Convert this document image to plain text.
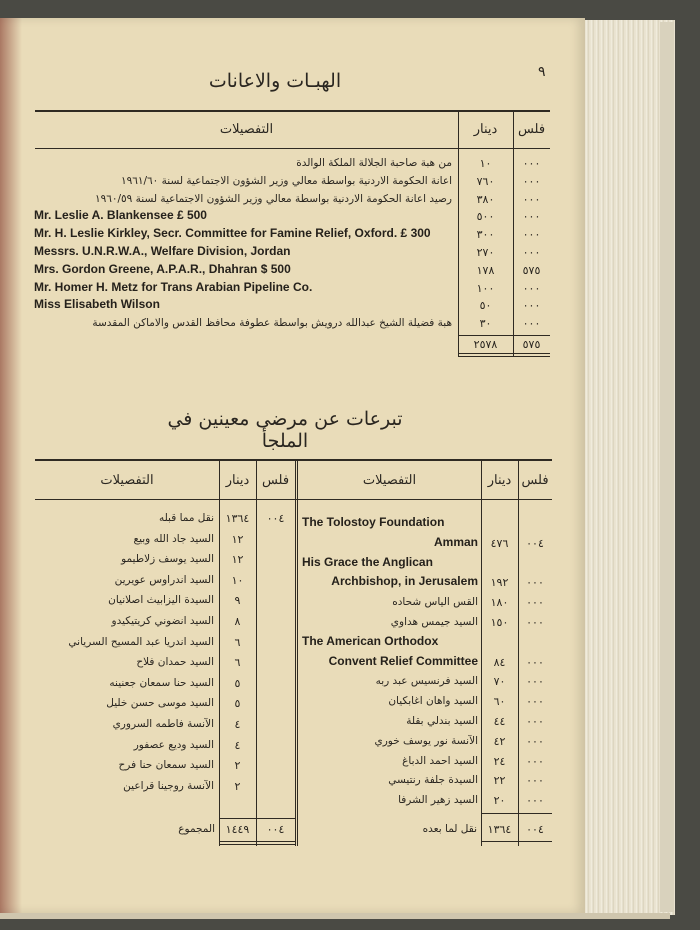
٩
الهبـات والاعانات
فلس
دينار
التفصيلات
٠٠٠
١٠
من هبة صاحبة الجلالة الملكة الوالدة
٠٠٠
٧٦٠
اعانة الحكومة الاردنية بواسطة معالي وزير الشؤون الاجتماعية لسنة ١٩٦١/٦٠
٠٠٠
٣٨٠
رصيد اعانة الحكومة الاردنية بواسطة معالي وزير الشؤون الاجتماعية لسنة ١٩٦٠/٥٩
٠٠٠
٥٠٠
Mr. Leslie A. Blankensee £ 500
٠٠٠
٣٠٠
Mr. H. Leslie Kirkley, Secr. Committee for Famine Relief, Oxford. £ 300
٠٠٠
٢٧٠
Messrs. U.N.R.W.A., Welfare Division, Jordan
٥٧٥
١٧٨
Mrs. Gordon Greene, A.P.A.R., Dhahran $ 500
٠٠٠
١٠٠
Mr. Homer H. Metz for Trans Arabian Pipeline Co.
٠٠٠
٥٠
Miss Elisabeth Wilson
٠٠٠
٣٠
هبة فضيلة الشيخ عبدالله درويش بواسطة عطوفة محافظ القدس والاماكن المقدسة
٥٧٥
٢٥٧٨
تبرعات عن مرضى معينين في الملجأ
فلس
دينار
التفصيلات
فلس
دينار
التفصيلات
٠٠٤
٤٧٦
The Tolostoy Foundation
Amman
٠٠٠
١٩٢
His Grace the Anglican
Archbishop, in Jerusalem
٠٠٠
١٨٠
القس الياس شحاده
٠٠٠
١٥٠
السيد جيمس هداوي
٠٠٠
٨٤
The American Orthodox
Convent Relief Committee
٠٠٠
٧٠
السيد فرنسيس عبد ربه
٠٠٠
٦٠
السيد واهان اغابكيان
٠٠٠
٤٤
السيد بندلي بقلة
٠٠٠
٤٢
الآنسة نور يوسف خوري
٠٠٠
٢٤
السيد احمد الدباغ
٠٠٠
٢٢
السيدة جلفة رنتيسي
٠٠٠
٢٠
السيد زهير الشرفا
٠٠٤
١٣٦٤
نقل مما قبله
١٢
السيد جاد الله وبيع
١٢
السيد يوسف زلاطيمو
١٠
السيد اندراوس عويرين
٩
السيدة اليزابيث اصلانيان
٨
السيد انضوني كريتيكيدو
٦
السيد اندريا عبد المسيح السرياني
٦
السيد حمدان فلاح
٥
السيد حنا سمعان جعنينه
٥
السيد موسى حسن خليل
٤
الآنسة فاطمه السروري
٤
السيد وديع عصفور
٢
السيد سمعان حنا فرح
٢
الآنسة روجينا قراعين
٠٠٤
١٣٦٤
نقل لما بعده
٠٠٤
١٤٤٩
المجموع
